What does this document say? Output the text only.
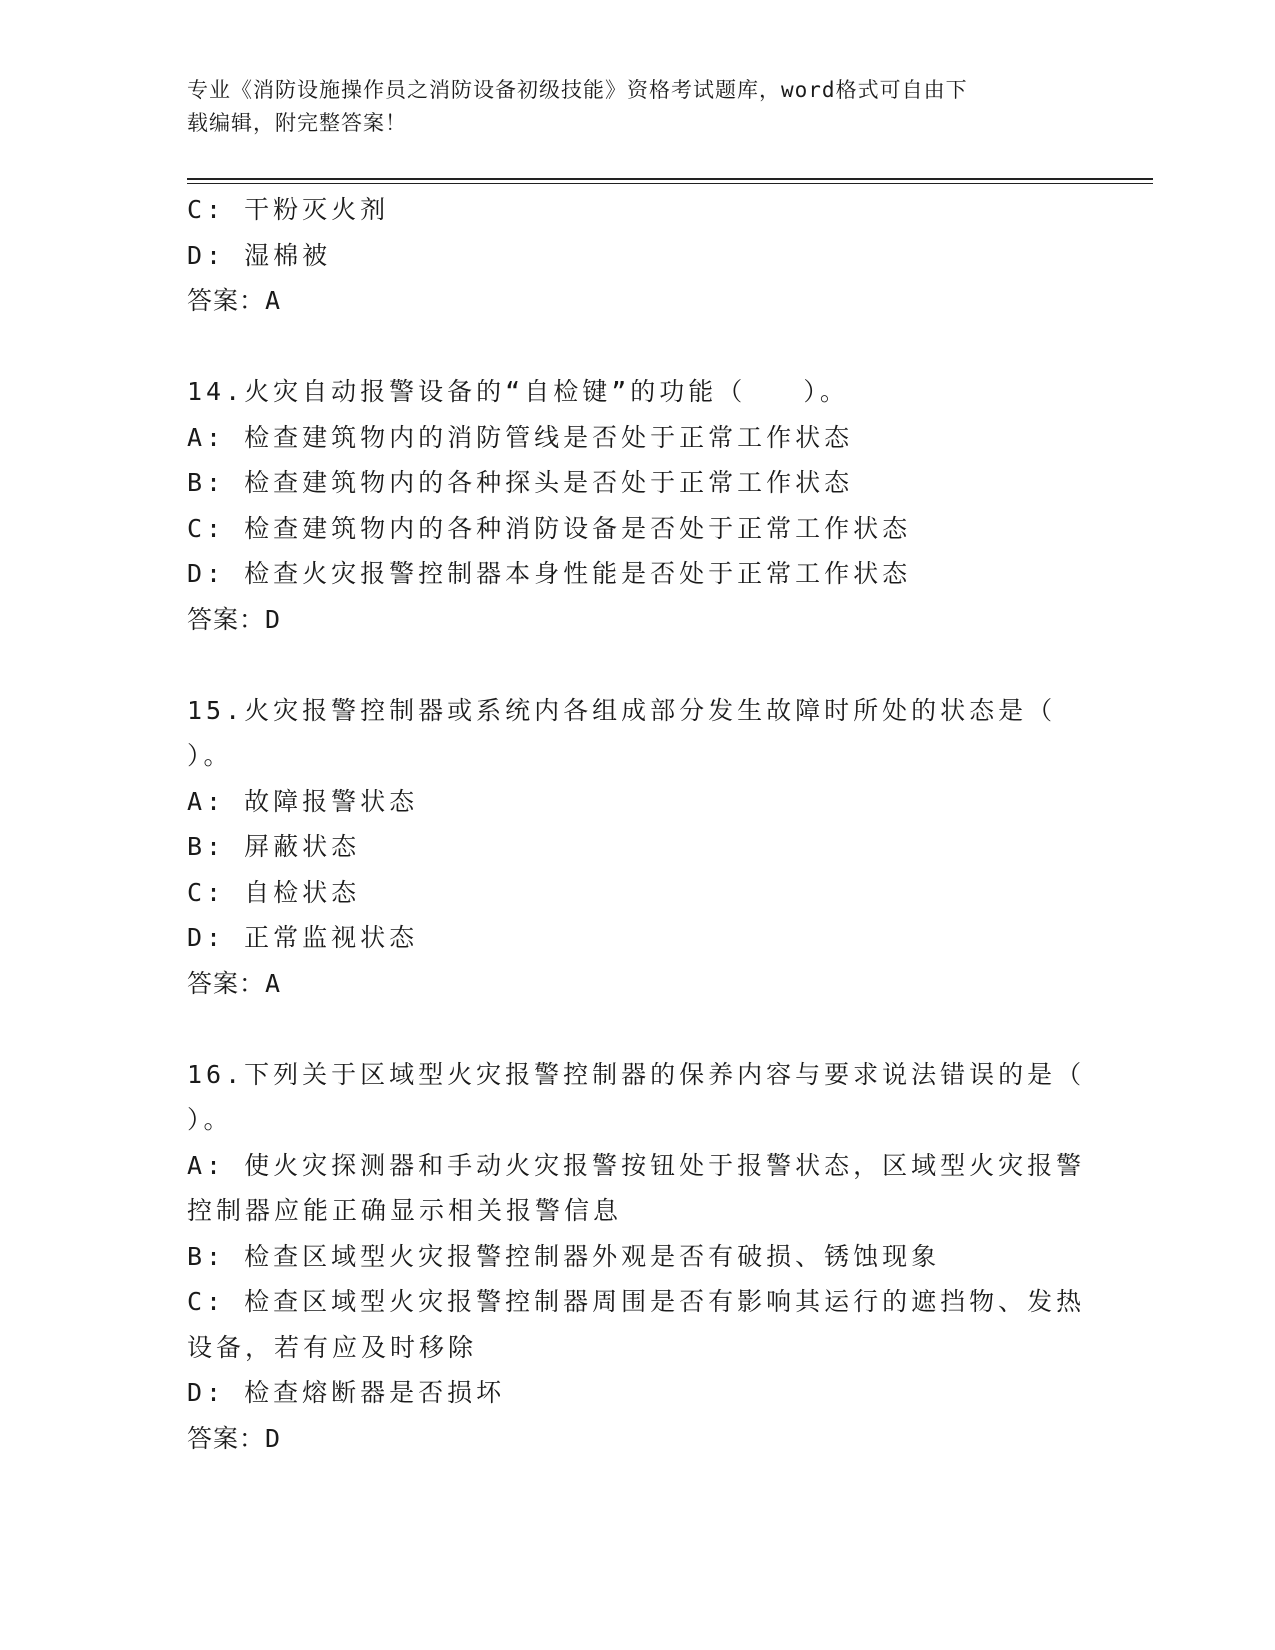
专业《消防设施操作员之消防设备初级技能》资格考试题库，word格式可自由下
载编辑，附完整答案！
C: 干粉灭火剂
D: 湿棉被
答案：A
14.火灾自动报警设备的“自检键”的功能（   ）。
A: 检查建筑物内的消防管线是否处于正常工作状态
B: 检查建筑物内的各种探头是否处于正常工作状态
C: 检查建筑物内的各种消防设备是否处于正常工作状态
D: 检查火灾报警控制器本身性能是否处于正常工作状态
答案：D
15.火灾报警控制器或系统内各组成部分发生故障时所处的状态是（
）。
A: 故障报警状态
B: 屏蔽状态
C: 自检状态
D: 正常监视状态
答案：A
16.下列关于区域型火灾报警控制器的保养内容与要求说法错误的是（
）。
A: 使火灾探测器和手动火灾报警按钮处于报警状态，区域型火灾报警
控制器应能正确显示相关报警信息
B: 检查区域型火灾报警控制器外观是否有破损、锈蚀现象
C: 检查区域型火灾报警控制器周围是否有影响其运行的遮挡物、发热
设备，若有应及时移除
D: 检查熔断器是否损坏
答案：D
